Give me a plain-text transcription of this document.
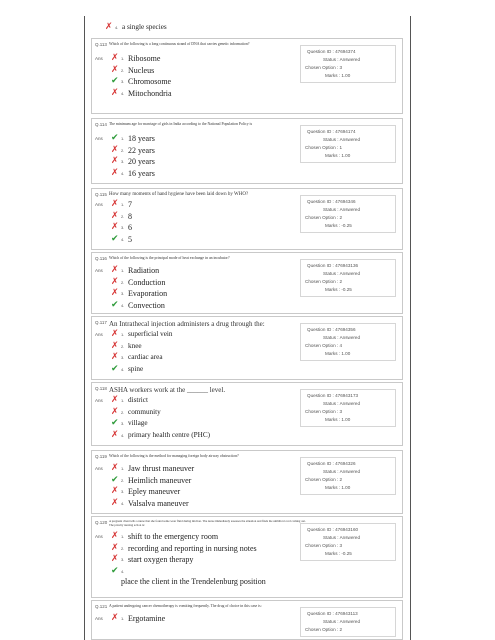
✗ 4. a single species
Q.113 Which of the following is a long continuous strand of DNA that carries genetic information?
Question ID : 47694374
Status : Answered
Chosen Option : 3
Marks : 1.00
Ans ✗ 1. Ribosome
✗ 2. Nucleus
✔ 3. Chromosome
✗ 4. Mitochondria
Q.114 The minimum age for marriage of girls in India according to the National Population Policy is
Question ID : 47694174
Status : Answered
Chosen Option : 1
Marks : 1.00
Ans ✔ 1. 18 years
✗ 2. 22 years
✗ 3. 20 years
✗ 4. 16 years
Q.115 How many moments of hand hygiene have been laid down by WHO?
Question ID : 47694346
Status : Answered
Chosen Option : 2
Marks : -0.25
Ans ✗ 1. 7
✗ 2. 8
✗ 3. 6
✔ 4. 5
Q.116 Which of the following is the principal mode of heat exchange in an incubator?
Question ID : 47694313​6
Status : Answered
Chosen Option : 2
Marks : -0.25
Ans ✗ 1. Radiation
✗ 2. Conduction
✗ 3. Evaporation
✔ 4. Convection
Q.117 An Intrathecal injection administers a drug through the:
Question ID : 47694356
Status : Answered
Chosen Option : 4
Marks : 1.00
Ans ✗ 1. superficial vein
✗ 2. knee
✗ 3. cardiac area
✔ 4. spine
Q.118 ASHA workers work at the ______ level.
Question ID : 47694317​3
Status : Answered
Chosen Option : 3
Marks : 1.00
Ans ✗ 1. district
✗ 2. community
✔ 3. village
✗ 4. primary health centre (PHC)
Q.119 Which of the following is the method for managing foreign body airway obstruction?
Question ID : 47694326
Status : Answered
Chosen Option : 2
Marks : 1.00
Ans ✗ 1. Jaw thrust maneuver
✔ 2. Heimlich maneuver
✗ 3. Epley maneuver
✗ 4. Valsalva maneuver
Q.120 A pregnant client tells a nurse that she found some wear fluid during miction. The nurse immediately assesses the situation and finds the umbilical cord coming out. The priority nursing action is:
Question ID : 47694316​0
Status : Answered
Chosen Option : 3
Marks : -0.25
Ans ✗ 1. shift to the emergency room
✗ 2. recording and reporting in nursing notes
✗ 3. start oxygen therapy
✔ 4.
place the client in the Trendelenburg position
Q.121 A patient undergoing cancer chemotherapy is vomiting frequently. The drug of choice in this case is:
Question ID : 47694311​3
Status : Answered
Chosen Option : 2
Ans ✗ 1. Ergotamine
